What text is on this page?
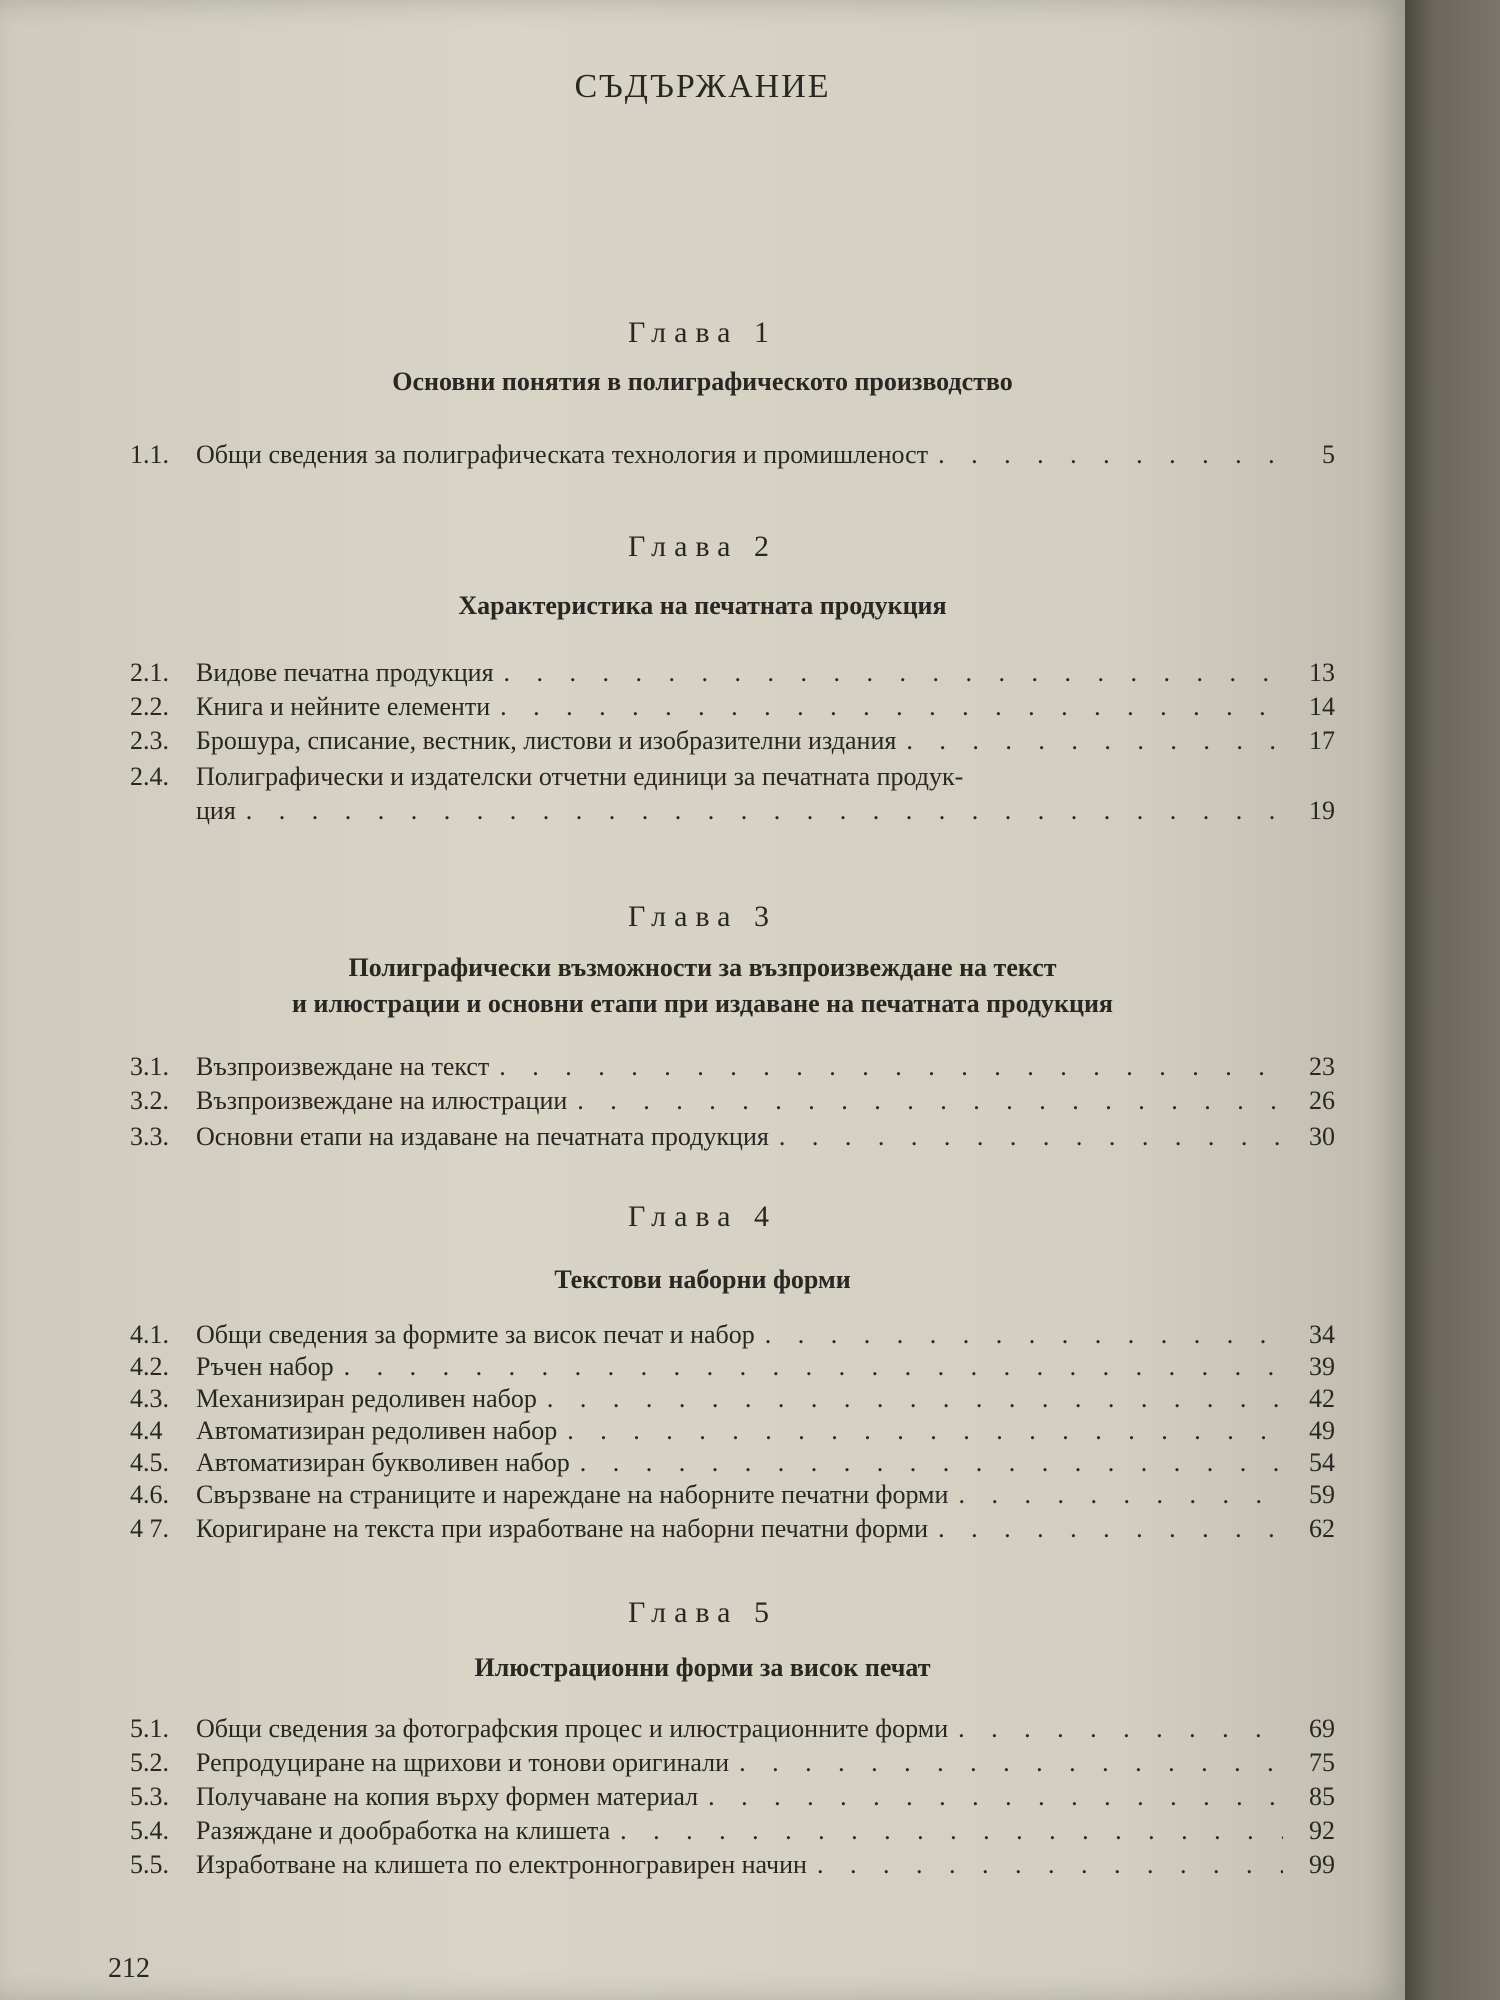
СЪДЪРЖАНИЕ
Глава 1
Основни понятия в полиграфическото производство
1.1.	Общи сведения за полиграфическата технология и промишленост . . .	5
Глава 2
Характеристика на печатната продукция
2.1.	Видове печатна продукция . . .	13
2.2.	Книга и нейните елементи . . .	14
2.3.	Брошура, списание, вестник, листови и изобразителни издания . . .	17
2.4.	Полиграфически и издателски отчетни единици за печатната продук-
ция . . .	19
Глава 3
Полиграфически възможности за възпроизвеждане на текст
и илюстрации и основни етапи при издаване на печатната продукция
3.1.	Възпроизвеждане на текст . . .	23
3.2.	Възпроизвеждане на илюстрации . . .	26
3.3.	Основни етапи на издаване на печатната продукция . . .	30
Глава 4
Текстови наборни форми
4.1.	Общи сведения за формите за висок печат и набор . . .	34
4.2.	Ръчен набор . . .	39
4.3.	Механизиран редоливен набор . . .	42
4.4	Автоматизиран редоливен набор . . .	49
4.5.	Автоматизиран букволивен набор . . .	54
4.6.	Свързване на страниците и нареждане на наборните печатни форми . . .	59
4 7.	Коригиране на текста при изработване на наборни печатни форми . . .	62
Глава 5
Илюстрационни форми за висок печат
5.1.	Общи сведения за фотографския процес и илюстрационните форми . . .	69
5.2.	Репродуциране на щрихови и тонови оригинали . . .	75
5.3.	Получаване на копия върху формен материал . . .	85
5.4.	Разяждане и дообработка на клишета . . .	92
5.5.	Изработване на клишета по електронногравирен начин . . .	99
212
